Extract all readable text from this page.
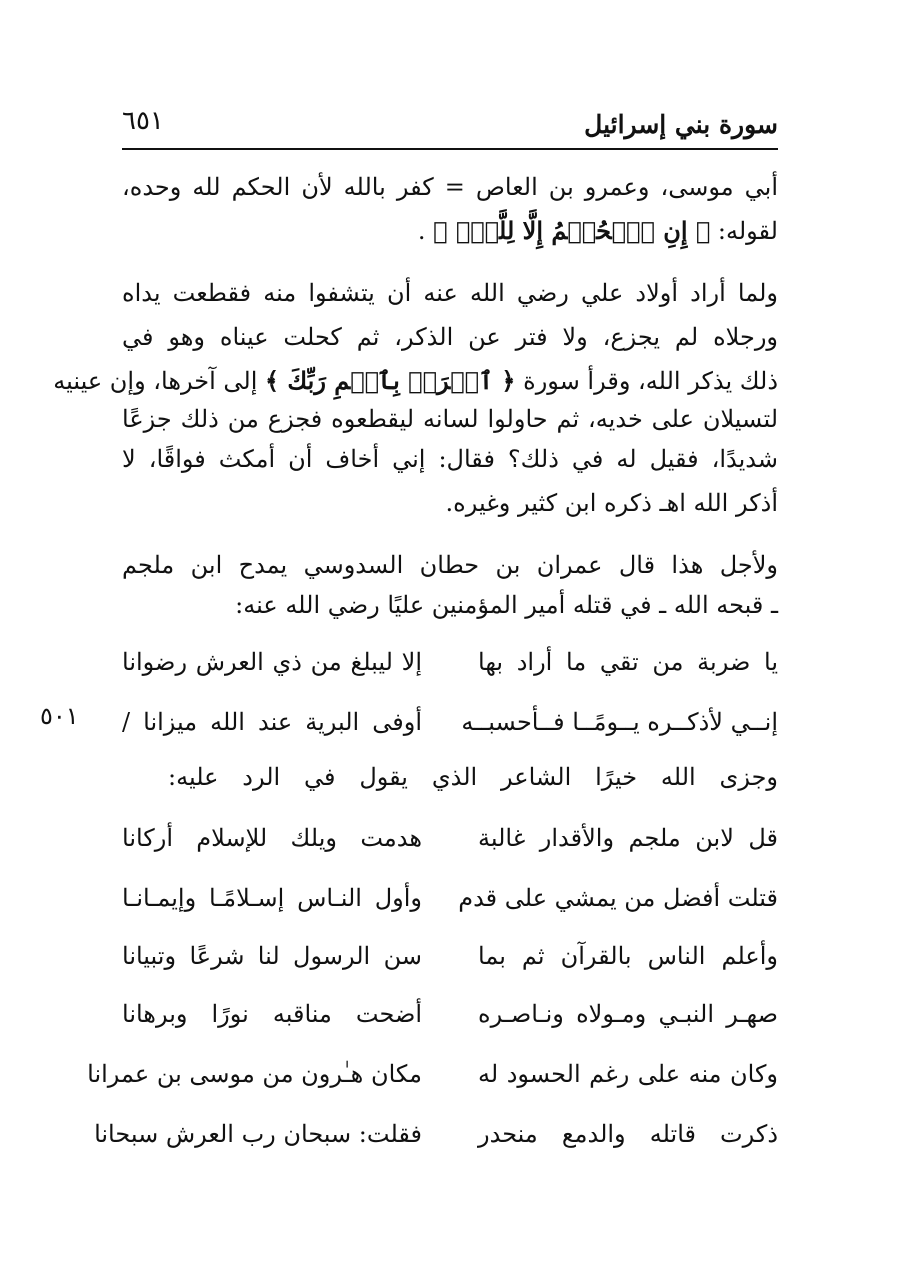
سورة بني إسرائيل
٦٥١
أبي موسى، وعمرو بن العاص = كفر بالله لأن الحكم لله وحده،
لقوله: ﴿ إِنِ ٱلۡحُكۡمُ إِلَّا لِلَّهِۖ ﴾ .
ولما أراد أولاد علي رضي الله عنه أن يتشفوا منه فقطعت يداه
ورجلاه لم يجزع، ولا فتر عن الذكر، ثم كحلت عيناه وهو في
ذلك يذكر الله، وقرأ سورة ﴿ ٱقۡرَأۡ بِٱسۡمِ رَبِّكَ ﴾ إلى آخرها، وإن عينيه
لتسيلان على خديه، ثم حاولوا لسانه ليقطعوه فجزع من ذلك جزعًا
شديدًا، فقيل له في ذلك؟ فقال: إني أخاف أن أمكث فواقًا، لا
أذكر الله اهـ ذكره ابن كثير وغيره.
ولأجل هذا قال عمران بن حطان السدوسي يمدح ابن ملجم
ـ قبحه الله ـ في قتله أمير المؤمنين عليًا رضي الله عنه:
يا ضربة من تقي ما أراد بها
إلا ليبلغ من ذي العرش رضوانا
إنــي لأذكــره يــومًــا فــأحسبــه
أوفى البرية عند الله ميزانا /
٥٠١
وجزى الله خيرًا الشاعر الذي يقول في الرد عليه:
قل لابن ملجم والأقدار غالبة
هدمت ويلك للإسلام أركانا
قتلت أفضل من يمشي على قدم
وأول النـاس إسـلامًـا وإيمـانـا
وأعلم الناس بالقرآن ثم بما
سن الرسول لنا شرعًا وتبيانا
صهـر النبـي ومـولاه ونـاصـره
أضحت مناقبه نورًا وبرهانا
وكان منه على رغم الحسود له
مكان هـٰرون من موسى بن عمرانا
ذكرت قاتله والدمع منحدر
فقلت: سبحان رب العرش سبحانا
